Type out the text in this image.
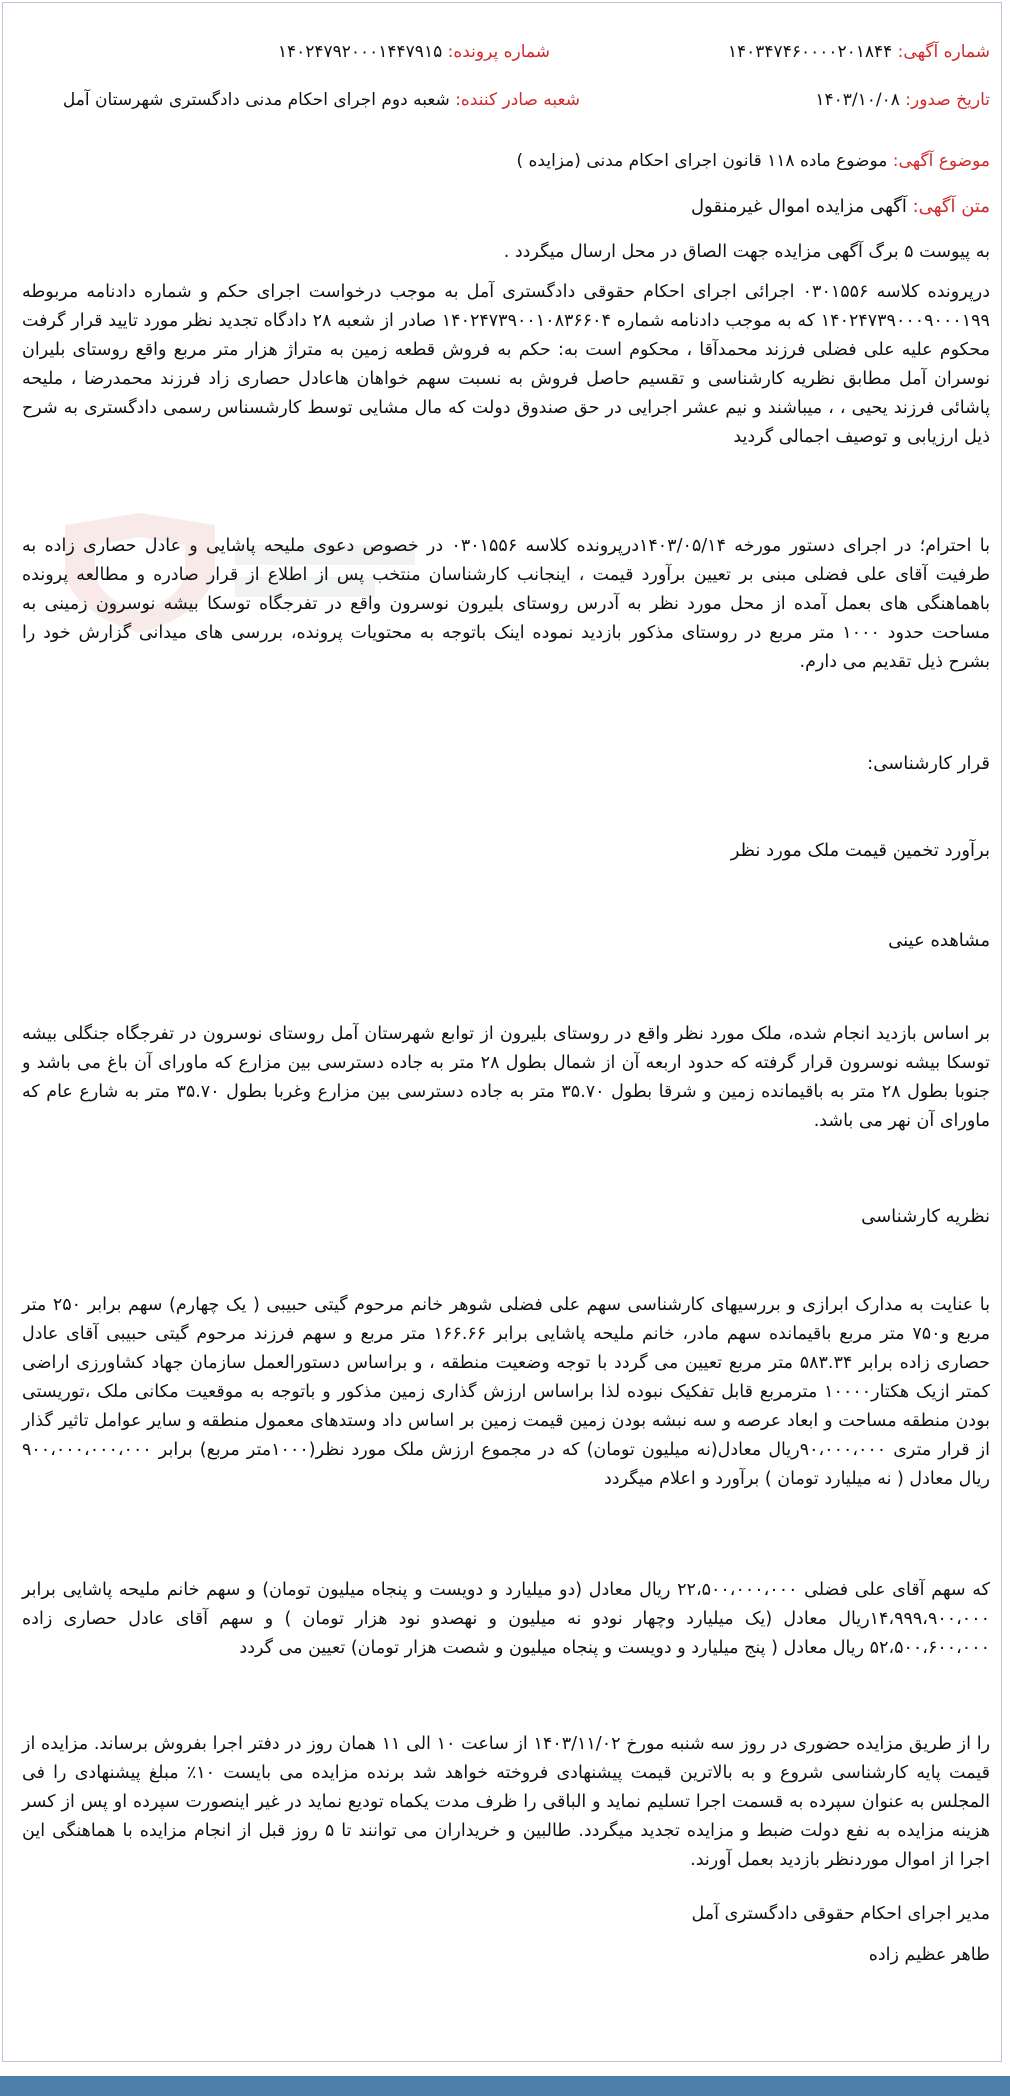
شماره آگهی: ۱۴۰۳۴۷۴۶۰۰۰۰۲۰۱۸۴۴
شماره پرونده: ۱۴۰۲۴۷۹۲۰۰۰۱۴۴۷۹۱۵
تاریخ صدور: ۱۴۰۳/۱۰/۰۸
شعبه صادر کننده: شعبه دوم اجرای احکام مدنی دادگستری شهرستان آمل
موضوع آگهی: موضوع ماده ۱۱۸ قانون اجرای احکام مدنی (مزایده )
متن آگهی: آگهی مزایده اموال غیرمنقول
به پیوست ۵ برگ آگهی مزایده جهت الصاق در محل ارسال میگردد .
درپرونده کلاسه ۰۳۰۱۵۵۶ اجرائی اجرای احکام حقوقی دادگستری آمل به موجب درخواست اجرای حکم و شماره دادنامه مربوطه ۱۴۰۲۴۷۳۹۰۰۰۹۰۰۰۱۹۹ که به موجب دادنامه شماره ۱۴۰۲۴۷۳۹۰۰۱۰۸۳۶۶۰۴ صادر از شعبه ۲۸ دادگاه تجدید نظر مورد تایید قرار گرفت محکوم علیه علی فضلی فرزند محمدآقا ، محکوم است به: حکم به فروش قطعه زمین به متراژ هزار متر مربع واقع روستای بلیران نوسران آمل مطابق نظریه کارشناسی و تقسیم حاصل فروش به نسبت سهم خواهان هاعادل حصاری زاد فرزند محمدرضا ، ملیحه پاشائی فرزند یحیی ، ، میباشند و نیم عشر اجرایی در حق صندوق دولت که مال مشایی توسط کارشسناس رسمی دادگستری به شرح ذیل ارزیابی و توصیف اجمالی گردید
با احترام؛ در اجرای دستور مورخه ۱۴۰۳/۰۵/۱۴درپرونده کلاسه ۰۳۰۱۵۵۶ در خصوص دعوی ملیحه پاشایی و عادل حصاری زاده به طرفیت آقای علی فضلی مبنی بر تعیین برآورد قیمت ، اینجانب کارشناسان منتخب پس از اطلاع از قرار صادره و مطالعه پرونده باهماهنگی های بعمل آمده از محل مورد نظر به آدرس روستای بلیرون نوسرون واقع در تفرجگاه توسکا بیشه نوسرون زمینی به مساحت حدود ۱۰۰۰ متر مربع در روستای مذکور بازدید نموده اینک باتوجه به محتویات پرونده، بررسی های میدانی گزارش خود را بشرح ذیل تقدیم می دارم.
قرار کارشناسی:
برآورد تخمین قیمت ملک مورد نظر
مشاهده عینی
بر اساس بازدید انجام شده، ملک مورد نظر واقع در روستای بلیرون از توابع شهرستان آمل روستای نوسرون در تفرجگاه جنگلی بیشه توسکا بیشه نوسرون قرار گرفته که حدود اربعه آن از شمال بطول ۲۸ متر به جاده دسترسی بین مزارع که ماورای آن باغ می باشد و جنوبا بطول ۲۸ متر به باقیمانده زمین و شرقا بطول ۳۵.۷۰ متر به جاده دسترسی بین مزارع وغربا بطول ۳۵.۷۰ متر به شارع عام که ماورای آن نهر می باشد.
نظریه کارشناسی
با عنایت به مدارک ابرازی و بررسیهای کارشناسی سهم علی فضلی شوهر خانم مرحوم گیتی حبیبی ( یک چهارم) سهم برابر ۲۵۰ متر مربع و۷۵۰ متر مربع باقیمانده سهم مادر، خانم ملیحه پاشایی برابر ۱۶۶.۶۶ متر مربع و سهم فرزند مرحوم گیتی حبیبی آقای عادل حصاری زاده برابر ۵۸۳.۳۴ متر مربع تعیین می گردد با توجه وضعیت منطقه ، و براساس دستورالعمل سازمان جهاد کشاورزی اراضی کمتر ازیک هکتار۱۰۰۰۰ مترمربع قابل تفکیک نبوده لذا براساس ارزش گذاری زمین مذکور و باتوجه به موقعیت مکانی ملک ،توریستی بودن منطقه مساحت و ابعاد عرصه و سه نبشه بودن زمین قیمت زمین بر اساس داد وستدهای معمول منطقه و سایر عوامل تاثیر گذار از قرار متری ۹۰،۰۰۰،۰۰۰ریال معادل(نه میلیون تومان) که در مجموع ارزش ملک مورد نظر(۱۰۰۰متر مربع) برابر ۹۰۰،۰۰۰،۰۰۰،۰۰۰ ریال معادل ( نه میلیارد تومان ) برآورد و اعلام میگردد
که سهم آقای علی فضلی ۲۲،۵۰۰،۰۰۰،۰۰۰ ریال معادل (دو میلیارد و دویست و پنجاه میلیون تومان) و سهم خانم ملیحه پاشایی برابر ۱۴،۹۹۹،۹۰۰،۰۰۰ریال معادل (یک میلیارد وچهار نودو نه میلیون و نهصدو نود هزار تومان ) و سهم آقای عادل حصاری زاده ۵۲،۵۰۰،۶۰۰،۰۰۰ ریال معادل ( پنج میلیارد و دویست و پنجاه میلیون و شصت هزار تومان) تعیین می گردد
را از طریق مزایده حضوری در روز سه شنبه مورخ ۱۴۰۳/۱۱/۰۲ از ساعت ۱۰ الی ۱۱ همان روز در دفتر اجرا بفروش برساند. مزایده از قیمت پایه کارشناسی شروع و به بالاترین قیمت پیشنهادی فروخته خواهد شد برنده مزایده می بایست ۱۰٪ مبلغ پیشنهادی را فی المجلس به عنوان سپرده به قسمت اجرا تسلیم نماید و الباقی را ظرف مدت یکماه تودیع نماید در غیر اینصورت سپرده او پس از کسر هزینه مزایده به نفع دولت ضبط و مزایده تجدید میگردد. طالبین و خریداران می توانند تا ۵ روز قبل از انجام مزایده با هماهنگی این اجرا از اموال موردنظر بازدید بعمل آورند.
مدیر اجرای احکام حقوقی دادگستری آمل
طاهر عظیم زاده
